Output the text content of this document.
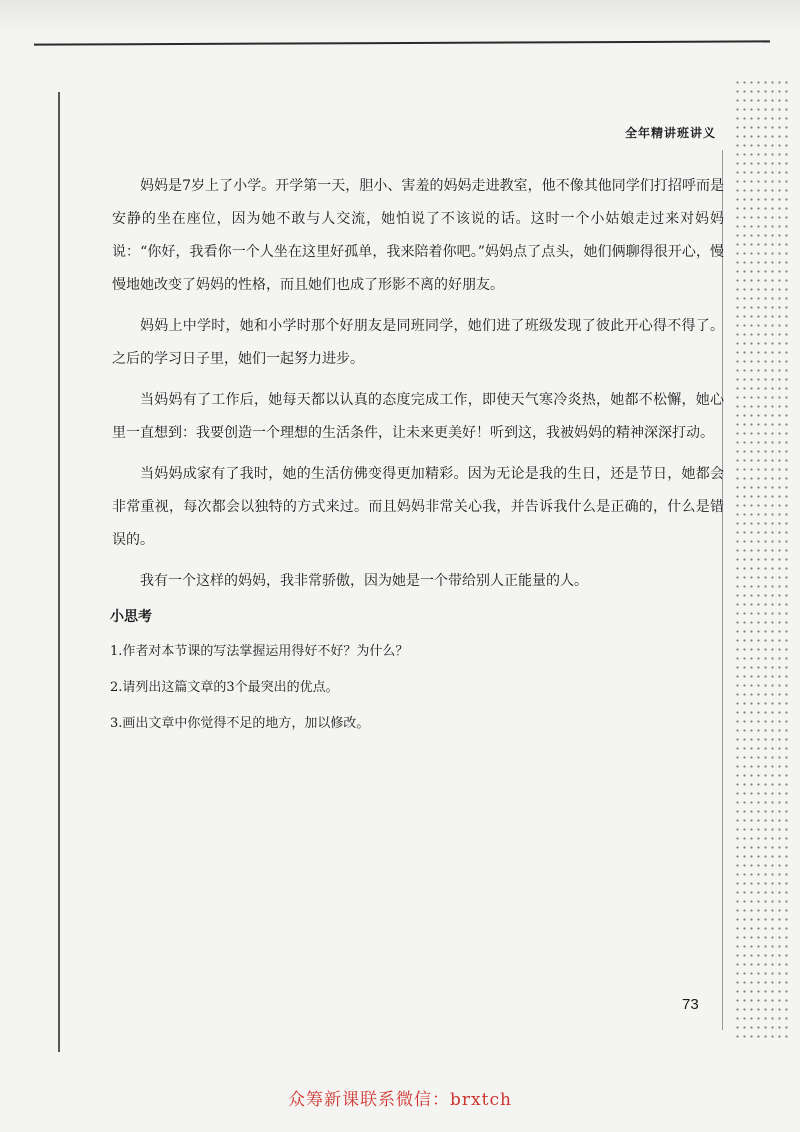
全年精讲班讲义

妈妈是7岁上了小学。开学第一天，胆小、害羞的妈妈走进教室，他不像其他同学们打招呼而是安静的坐在座位，因为她不敢与人交流，她怕说了不该说的话。这时一个小姑娘走过来对妈妈说：“你好，我看你一个人坐在这里好孤单，我来陪着你吧。”妈妈点了点头，她们俩聊得很开心，慢慢地她改变了妈妈的性格，而且她们也成了形影不离的好朋友。

妈妈上中学时，她和小学时那个好朋友是同班同学，她们进了班级发现了彼此开心得不得了。之后的学习日子里，她们一起努力进步。

当妈妈有了工作后，她每天都以认真的态度完成工作，即使天气寒冷炎热，她都不松懈，她心里一直想到：我要创造一个理想的生活条件，让未来更美好！听到这，我被妈妈的精神深深打动。

当妈妈成家有了我时，她的生活仿佛变得更加精彩。因为无论是我的生日，还是节日，她都会非常重视，每次都会以独特的方式来过。而且妈妈非常关心我，并告诉我什么是正确的，什么是错误的。

我有一个这样的妈妈，我非常骄傲，因为她是一个带给别人正能量的人。

小思考
1.作者对本节课的写法掌握运用得好不好？为什么？
2.请列出这篇文章的3个最突出的优点。
3.画出文章中你觉得不足的地方，加以修改。
73
众筹新课联系微信：brxtch
